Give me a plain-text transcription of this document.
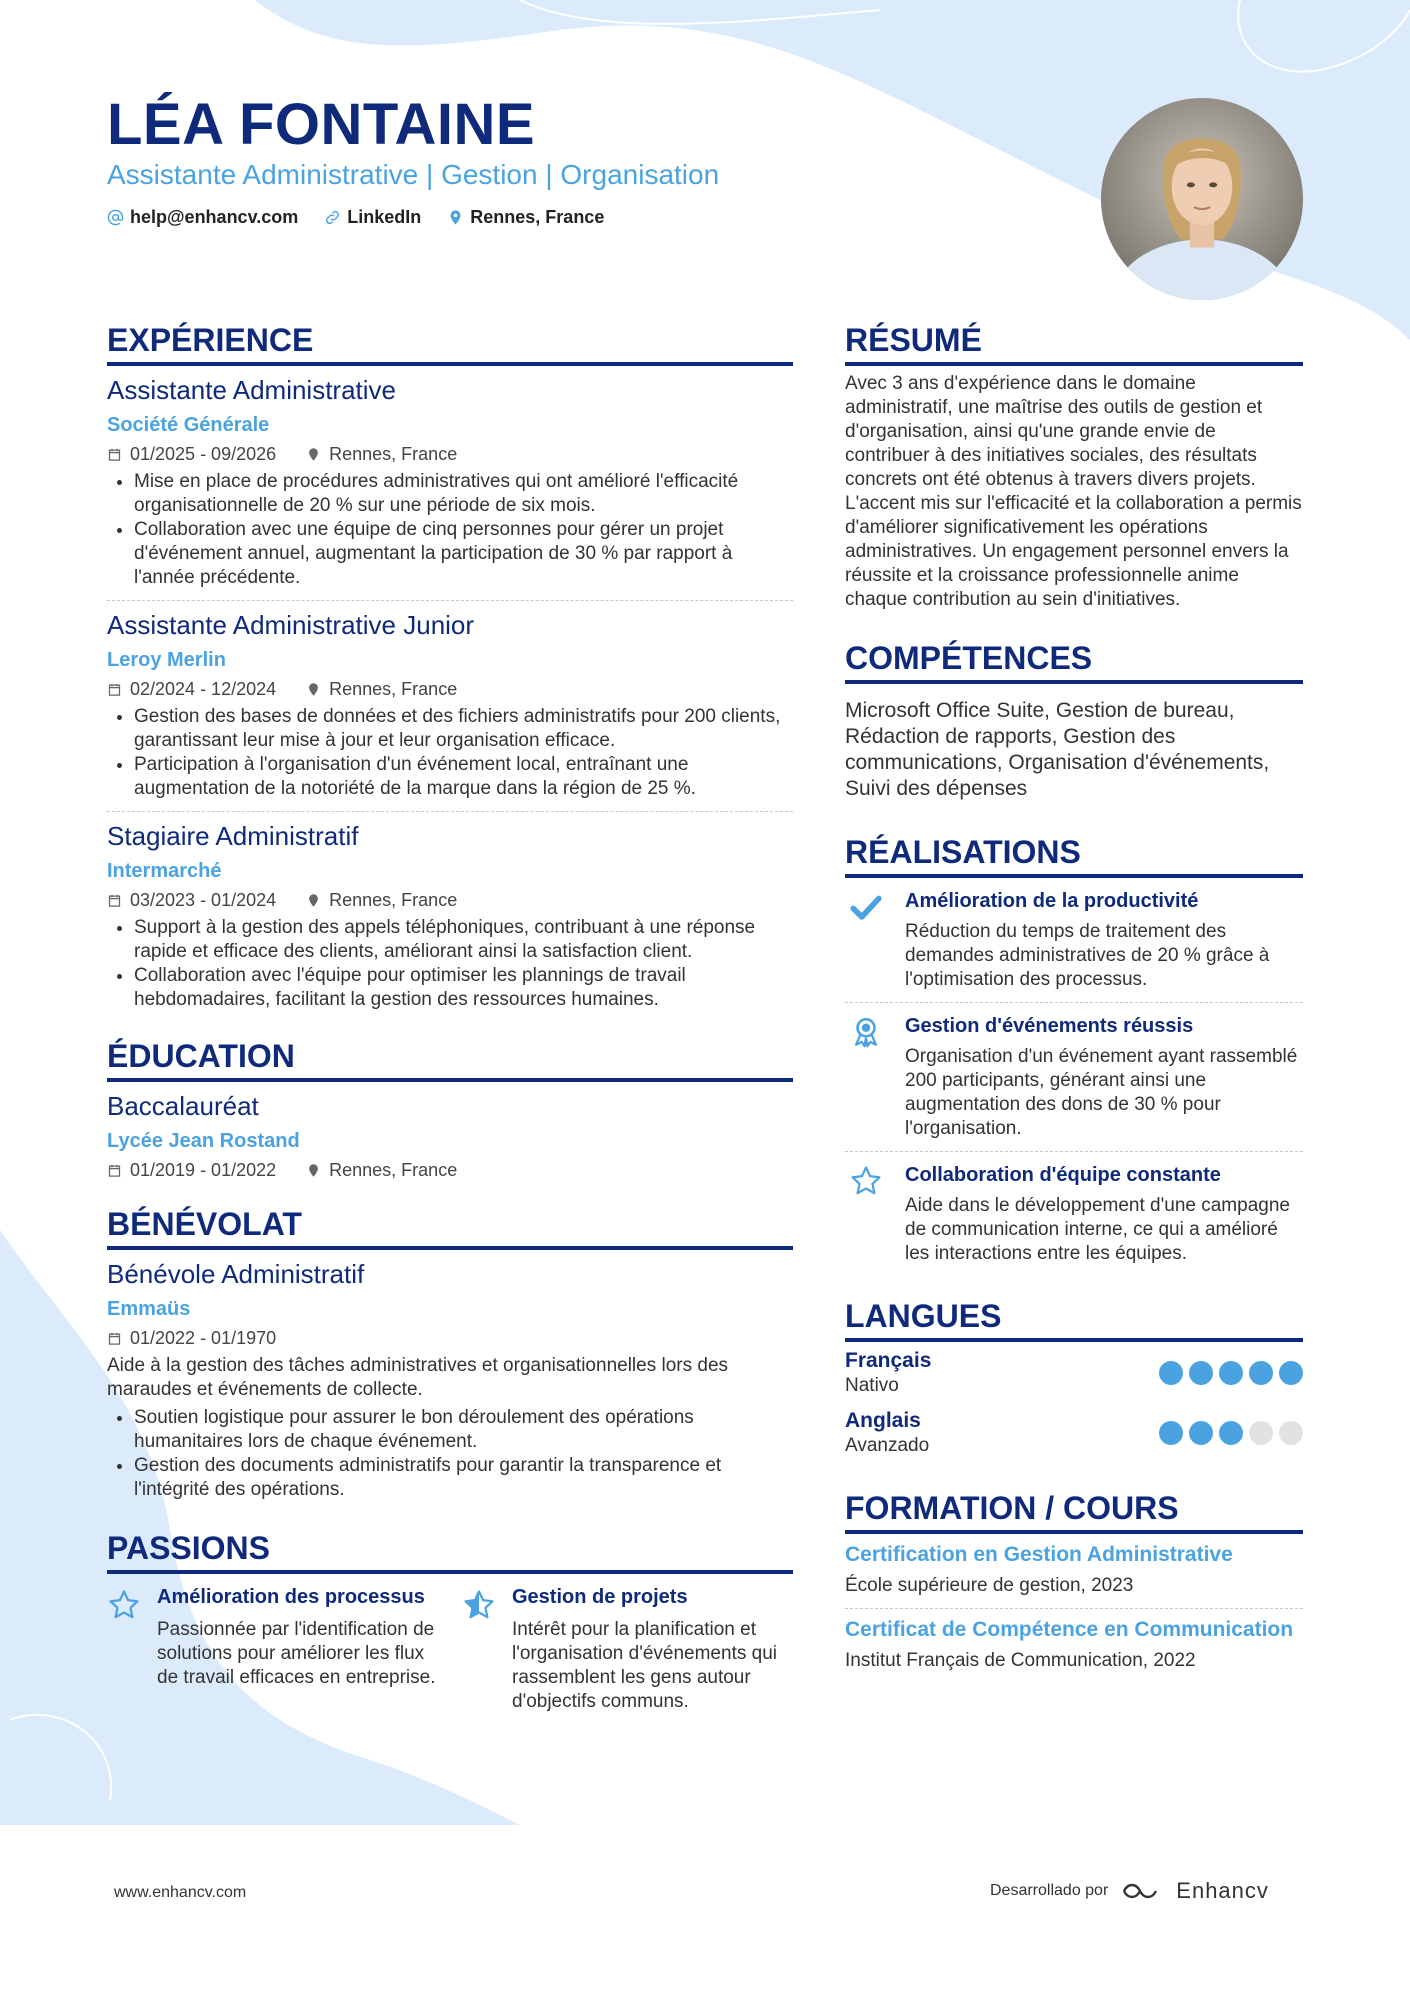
LÉA FONTAINE
Assistante Administrative | Gestion | Organisation
help@enhancv.com	LinkedIn	Rennes, France
EXPÉRIENCE
Assistante Administrative
Société Générale
01/2025 - 09/2026	Rennes, France
• Mise en place de procédures administratives qui ont amélioré l'efficacité organisationnelle de 20 % sur une période de six mois.
• Collaboration avec une équipe de cinq personnes pour gérer un projet d'événement annuel, augmentant la participation de 30 % par rapport à l'année précédente.
Assistante Administrative Junior
Leroy Merlin
02/2024 - 12/2024	Rennes, France
• Gestion des bases de données et des fichiers administratifs pour 200 clients, garantissant leur mise à jour et leur organisation efficace.
• Participation à l'organisation d'un événement local, entraînant une augmentation de la notoriété de la marque dans la région de 25 %.
Stagiaire Administratif
Intermarché
03/2023 - 01/2024	Rennes, France
• Support à la gestion des appels téléphoniques, contribuant à une réponse rapide et efficace des clients, améliorant ainsi la satisfaction client.
• Collaboration avec l'équipe pour optimiser les plannings de travail hebdomadaires, facilitant la gestion des ressources humaines.
ÉDUCATION
Baccalauréat
Lycée Jean Rostand
01/2019 - 01/2022	Rennes, France
BÉNÉVOLAT
Bénévole Administratif
Emmaüs
01/2022 - 01/1970
Aide à la gestion des tâches administratives et organisationnelles lors des maraudes et événements de collecte.
• Soutien logistique pour assurer le bon déroulement des opérations humanitaires lors de chaque événement.
• Gestion des documents administratifs pour garantir la transparence et l'intégrité des opérations.
PASSIONS
Amélioration des processus
Passionnée par l'identification de solutions pour améliorer les flux de travail efficaces en entreprise.
Gestion de projets
Intérêt pour la planification et l'organisation d'événements qui rassemblent les gens autour d'objectifs communs.
RÉSUMÉ
Avec 3 ans d'expérience dans le domaine administratif, une maîtrise des outils de gestion et d'organisation, ainsi qu'une grande envie de contribuer à des initiatives sociales, des résultats concrets ont été obtenus à travers divers projets. L'accent mis sur l'efficacité et la collaboration a permis d'améliorer significativement les opérations administratives. Un engagement personnel envers la réussite et la croissance professionnelle anime chaque contribution au sein d'initiatives.
COMPÉTENCES
Microsoft Office Suite, Gestion de bureau, Rédaction de rapports, Gestion des communications, Organisation d'événements, Suivi des dépenses
RÉALISATIONS
Amélioration de la productivité
Réduction du temps de traitement des demandes administratives de 20 % grâce à l'optimisation des processus.
Gestion d'événements réussis
Organisation d'un événement ayant rassemblé 200 participants, générant ainsi une augmentation des dons de 30 % pour l'organisation.
Collaboration d'équipe constante
Aide dans le développement d'une campagne de communication interne, ce qui a amélioré les interactions entre les équipes.
LANGUES
Français
Nativo
Anglais
Avanzado
FORMATION / COURS
Certification en Gestion Administrative
École supérieure de gestion, 2023
Certificat de Compétence en Communication
Institut Français de Communication, 2022
www.enhancv.com	Desarrollado por	Enhancv
